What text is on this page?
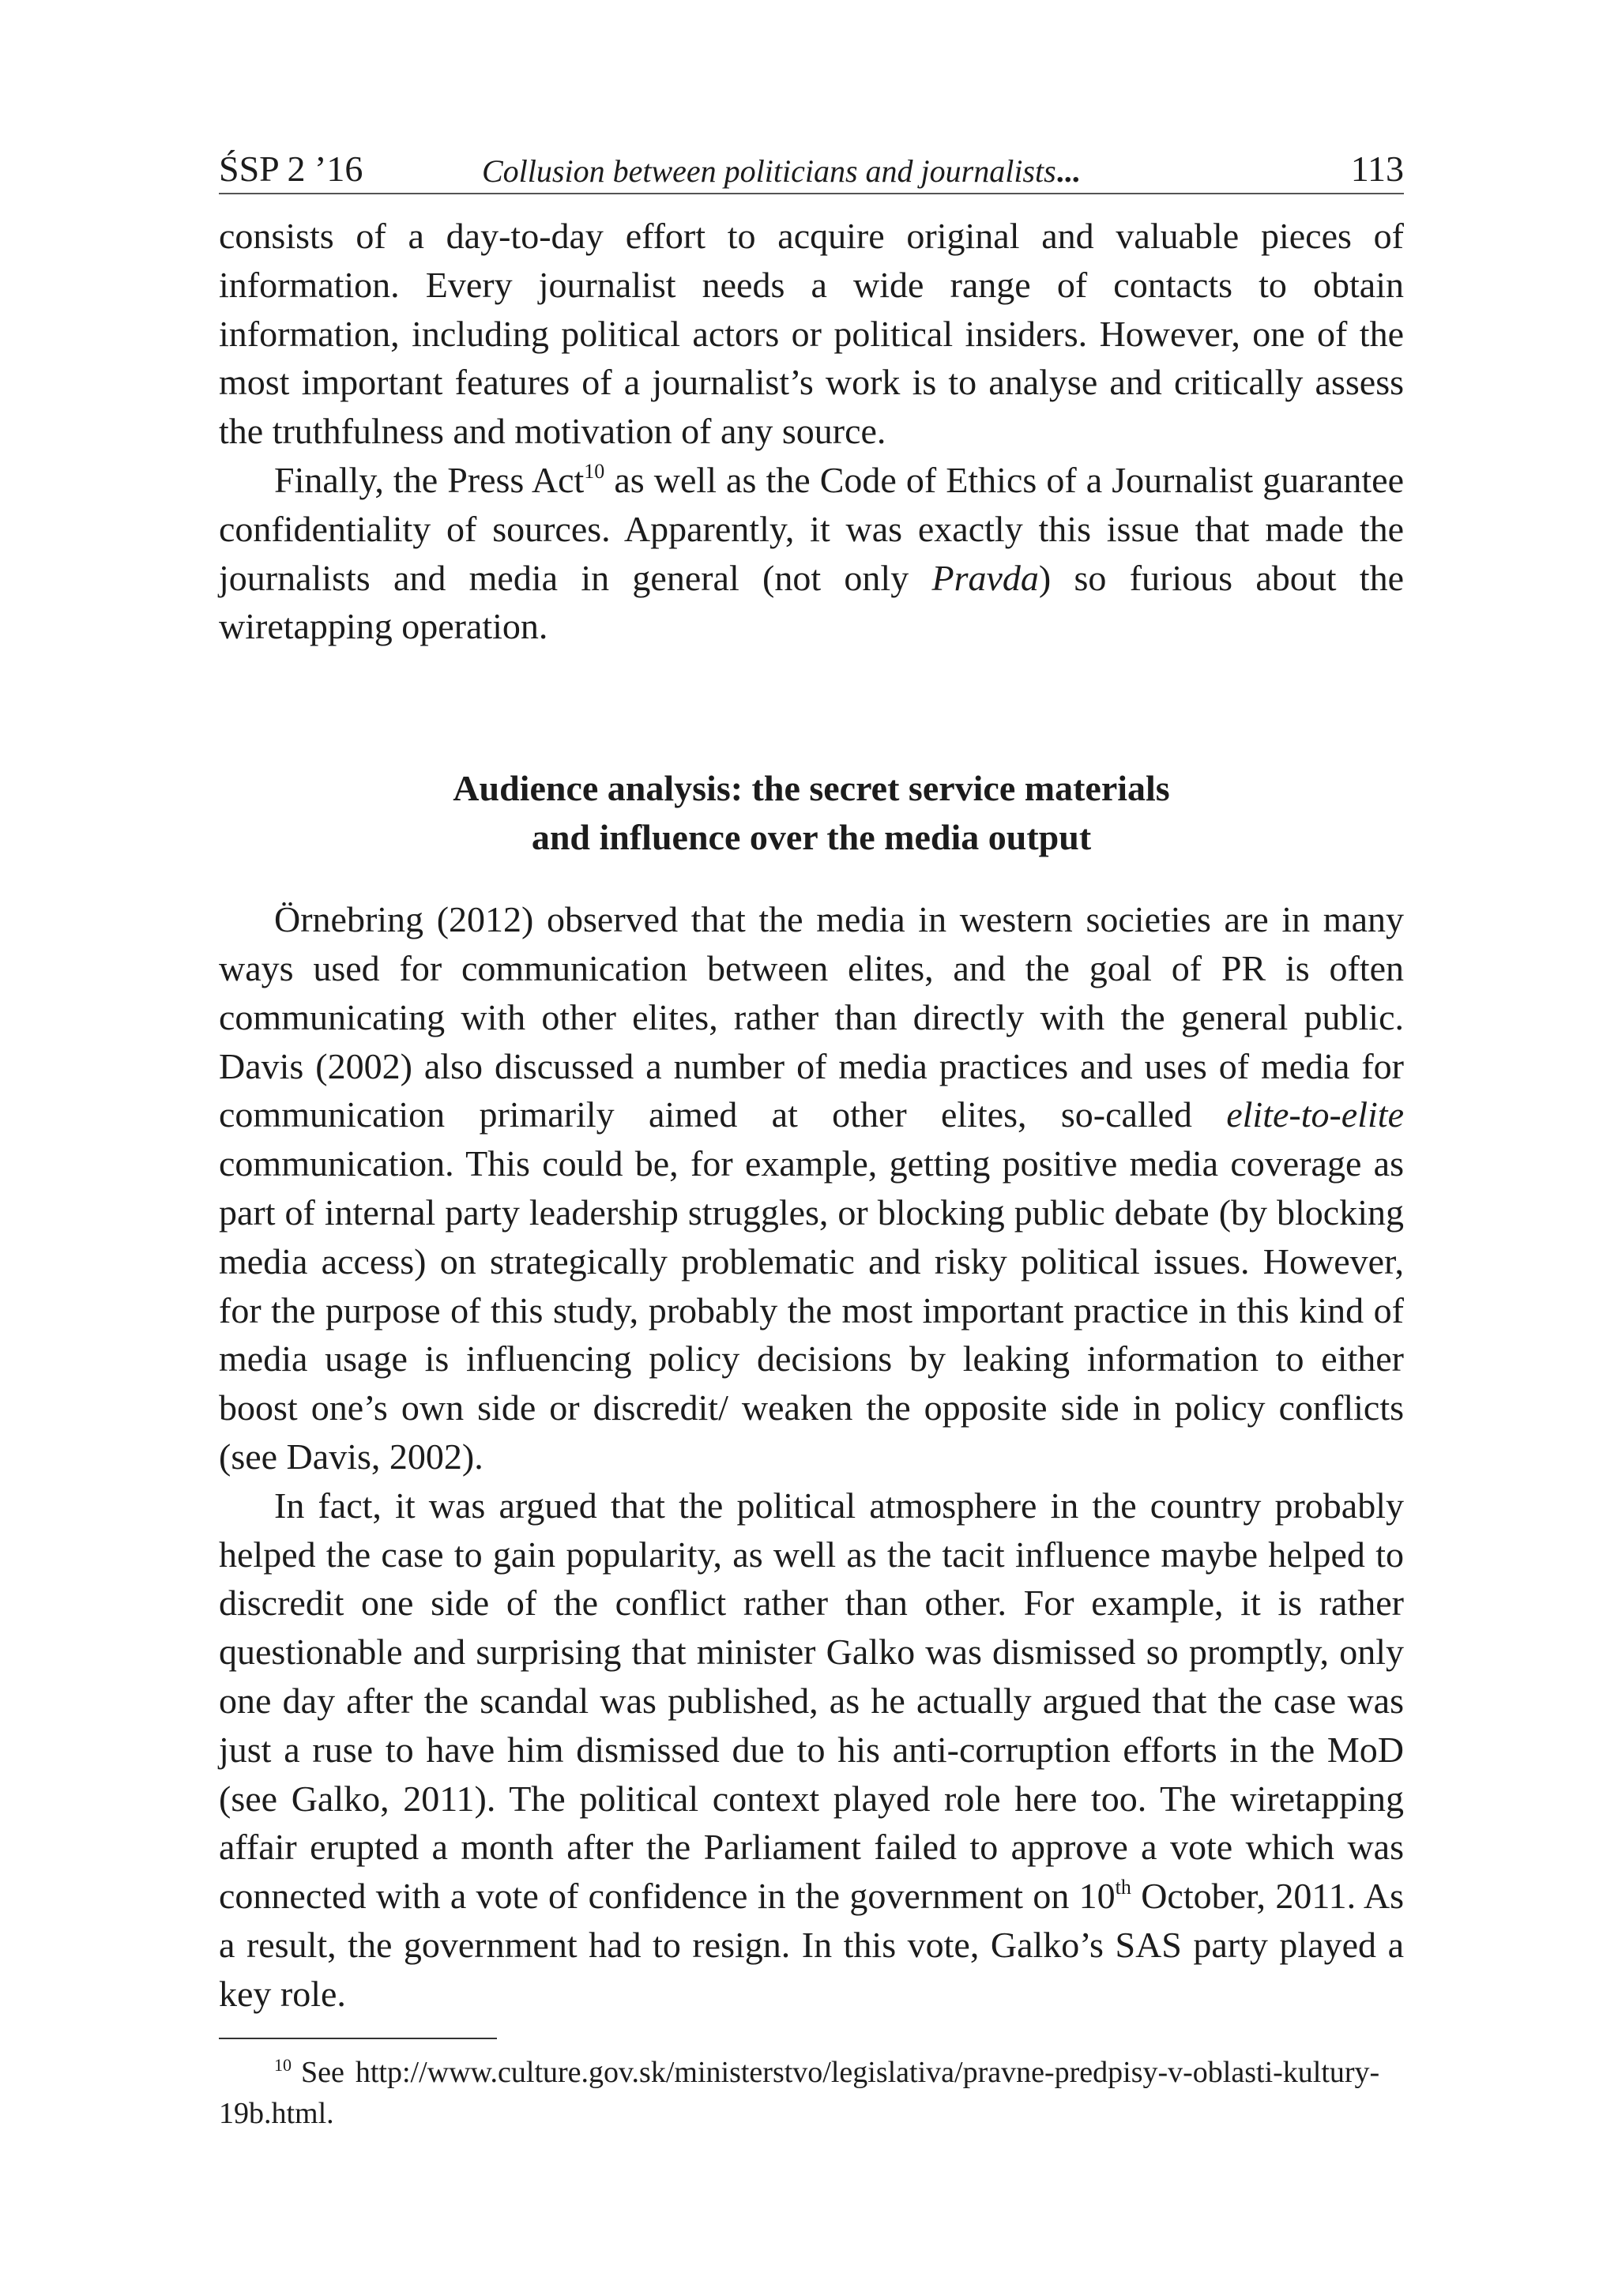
ŚSP 2 ’16	Collusion between politicians and journalists...	113

consists of a day-to-day effort to acquire original and valuable pieces of information. Every journalist needs a wide range of contacts to obtain information, including political actors or political insiders. However, one of the most important features of a journalist’s work is to analyse and critically assess the truthfulness and motivation of any source.

Finally, the Press Act$^{10}$ as well as the Code of Ethics of a Journalist guarantee confidentiality of sources. Apparently, it was exactly this issue that made the journalists and media in general (not only Pravda) so furious about the wiretapping operation.

Audience analysis: the secret service materials
and influence over the media output

Örnebring (2012) observed that the media in western societies are in many ways used for communication between elites, and the goal of PR is often communicating with other elites, rather than directly with the general public. Davis (2002) also discussed a number of media practices and uses of media for communication primarily aimed at other elites, so-called elite-to-elite communication. This could be, for example, getting positive media coverage as part of internal party leadership struggles, or blocking public debate (by blocking media access) on strategically problematic and risky political issues. However, for the purpose of this study, probably the most important practice in this kind of media usage is influencing policy decisions by leaking information to either boost one’s own side or discredit/ weaken the opposite side in policy conflicts (see Davis, 2002).

In fact, it was argued that the political atmosphere in the country probably helped the case to gain popularity, as well as the tacit influence maybe helped to discredit one side of the conflict rather than other. For example, it is rather questionable and surprising that minister Galko was dismissed so promptly, only one day after the scandal was published, as he actually argued that the case was just a ruse to have him dismissed due to his anti-corruption efforts in the MoD (see Galko, 2011). The political context played role here too. The wiretapping affair erupted a month after the Parliament failed to approve a vote which was connected with a vote of confidence in the government on 10th October, 2011. As a result, the government had to resign. In this vote, Galko’s SAS party played a key role.

$^{10}$ See http://www.culture.gov.sk/ministerstvo/legislativa/pravne-predpisy-v-oblasti-kultury-19b.html.
